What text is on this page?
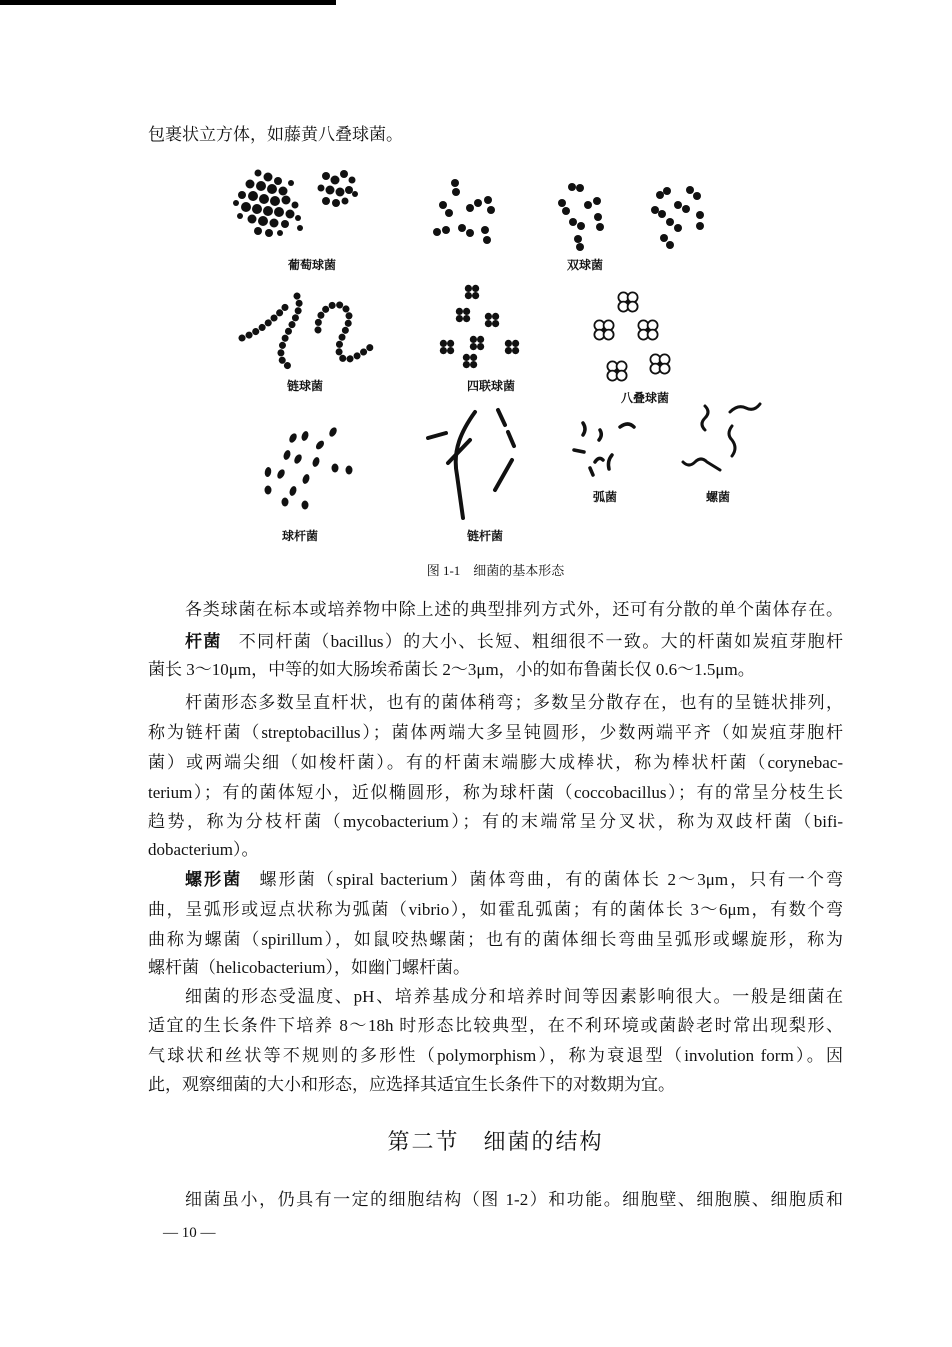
包裹状立方体，如藤黄八叠球菌。
葡萄球菌	双球菌
链球菌	四联球菌
八叠球菌
弧菌	螺菌
球杆菌	链杆菌
图 1-1　细菌的基本形态
各类球菌在标本或培养物中除上述的典型排列方式外，还可有分散的单个菌体存在。
杆菌 不同杆菌（bacillus）的大小、长短、粗细很不一致。大的杆菌如炭疽芽胞杆
菌长 3～10μm，中等的如大肠埃希菌长 2～3μm，小的如布鲁菌长仅 0.6～1.5μm。
杆菌形态多数呈直杆状，也有的菌体稍弯；多数呈分散存在，也有的呈链状排列，
称为链杆菌（streptobacillus）；菌体两端大多呈钝圆形，少数两端平齐（如炭疽芽胞杆
菌）或两端尖细（如梭杆菌）。有的杆菌末端膨大成棒状，称为棒状杆菌（corynebac-
terium）；有的菌体短小，近似椭圆形，称为球杆菌（coccobacillus）；有的常呈分枝生长
趋势，称为分枝杆菌（mycobacterium）；有的末端常呈分叉状，称为双歧杆菌（bifi-
dobacterium）。
螺形菌 螺形菌（spiral bacterium）菌体弯曲，有的菌体长 2～3μm，只有一个弯
曲，呈弧形或逗点状称为弧菌（vibrio），如霍乱弧菌；有的菌体长 3～6μm，有数个弯
曲称为螺菌（spirillum），如鼠咬热螺菌；也有的菌体细长弯曲呈弧形或螺旋形，称为
螺杆菌（helicobacterium），如幽门螺杆菌。
细菌的形态受温度、pH、培养基成分和培养时间等因素影响很大。一般是细菌在
适宜的生长条件下培养 8～18h 时形态比较典型，在不利环境或菌龄老时常出现梨形、
气球状和丝状等不规则的多形性（polymorphism），称为衰退型（involution form）。因
此，观察细菌的大小和形态，应选择其适宜生长条件下的对数期为宜。
第二节　细菌的结构
细菌虽小，仍具有一定的细胞结构（图 1-2）和功能。细胞壁、细胞膜、细胞质和
— 10 —
